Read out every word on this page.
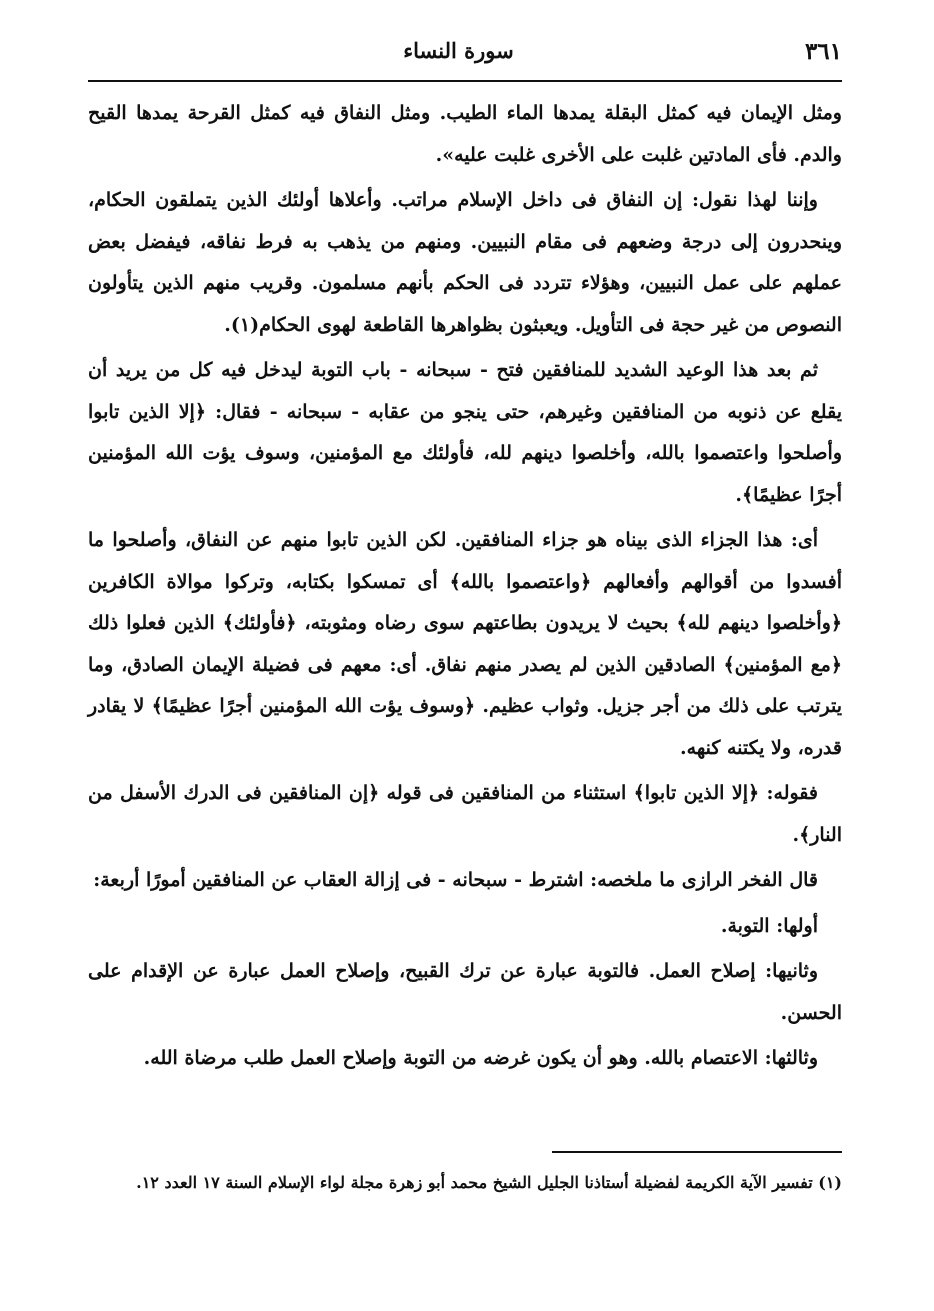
٣٦١
سورة النساء

ومثل الإيمان فيه كمثل البقلة يمدها الماء الطيب. ومثل النفاق فيه كمثل القرحة يمدها القيح والدم. فأى المادتين غلبت على الأخرى غلبت عليه».

وإننا لهذا نقول: إن النفاق فى داخل الإسلام مراتب. وأعلاها أولئك الذين يتملقون الحكام، وينحدرون إلى درجة وضعهم فى مقام النبيين. ومنهم من يذهب به فرط نفاقه، فيفضل بعض عملهم على عمل النبيين، وهؤلاء تتردد فى الحكم بأنهم مسلمون. وقريب منهم الذين يتأولون النصوص من غير حجة فى التأويل. ويعبثون بظواهرها القاطعة لهوى الحكام(١).

ثم بعد هذا الوعيد الشديد للمنافقين فتح - سبحانه - باب التوبة ليدخل فيه كل من يريد أن يقلع عن ذنوبه من المنافقين وغيرهم، حتى ينجو من عقابه - سبحانه - فقال: ﴿إلا الذين تابوا وأصلحوا واعتصموا بالله، وأخلصوا دينهم لله، فأولئك مع المؤمنين، وسوف يؤت الله المؤمنين أجرًا عظيمًا﴾.

أى: هذا الجزاء الذى بيناه هو جزاء المنافقين. لكن الذين تابوا منهم عن النفاق، وأصلحوا ما أفسدوا من أقوالهم وأفعالهم ﴿واعتصموا بالله﴾ أى تمسكوا بكتابه، وتركوا موالاة الكافرين ﴿وأخلصوا دينهم لله﴾ بحيث لا يريدون بطاعتهم سوى رضاه ومثوبته، ﴿فأولئك﴾ الذين فعلوا ذلك ﴿مع المؤمنين﴾ الصادقين الذين لم يصدر منهم نفاق. أى: معهم فى فضيلة الإيمان الصادق، وما يترتب على ذلك من أجر جزيل. وثواب عظيم. ﴿وسوف يؤت الله المؤمنين أجرًا عظيمًا﴾ لا يقادر قدره، ولا يكتنه كنهه.

فقوله: ﴿إلا الذين تابوا﴾ استثناء من المنافقين فى قوله ﴿إن المنافقين فى الدرك الأسفل من النار﴾.

قال الفخر الرازى ما ملخصه: اشترط - سبحانه - فى إزالة العقاب عن المنافقين أمورًا أربعة:

أولها: التوبة.

وثانيها: إصلاح العمل. فالتوبة عبارة عن ترك القبيح، وإصلاح العمل عبارة عن الإقدام على الحسن.

وثالثها: الاعتصام بالله. وهو أن يكون غرضه من التوبة وإصلاح العمل طلب مرضاة الله.

(١) تفسير الآية الكريمة لفضيلة أستاذنا الجليل الشيخ محمد أبو زهرة مجلة لواء الإسلام السنة ١٧ العدد ١٢.
